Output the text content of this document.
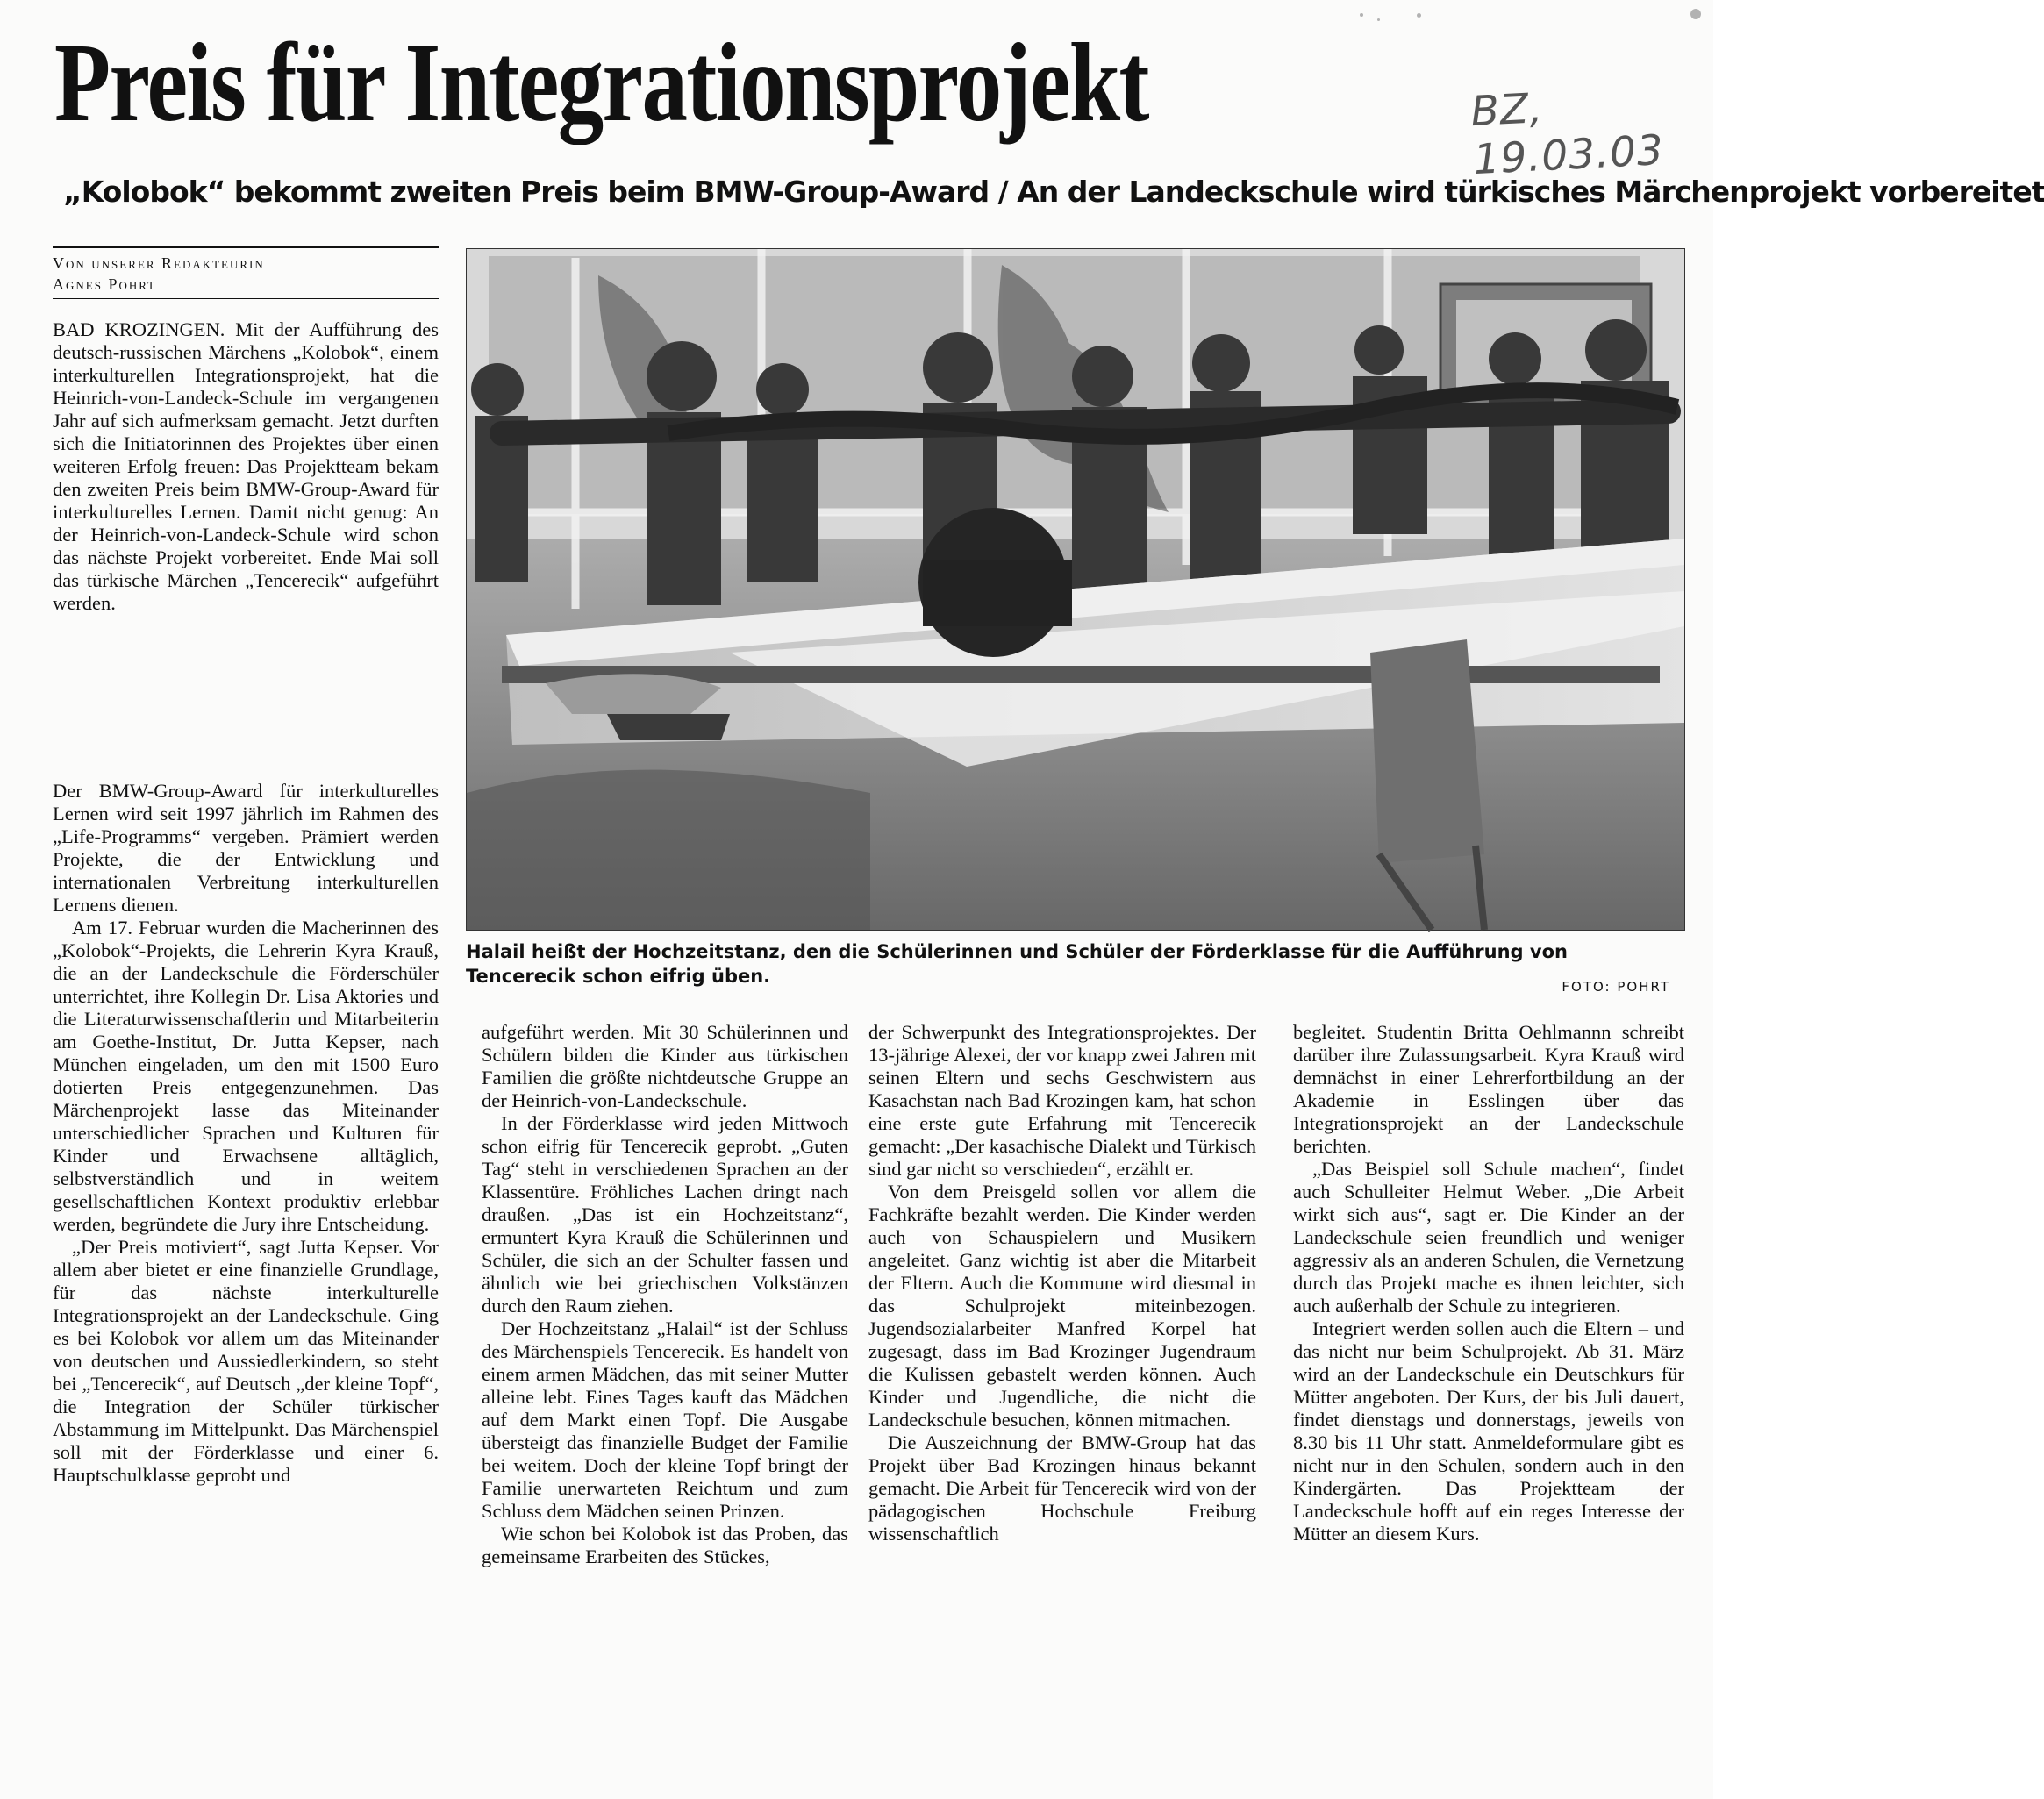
Preis für Integrationsprojekt	BZ, 19.03.03
„Kolobok“ bekommt zweiten Preis beim BMW-Group-Award / An der Landeckschule wird türkisches Märchenprojekt vorbereitet
Von unserer Redakteurin
Agnes Pohrt

BAD KROZINGEN. Mit der Aufführung des deutsch-russischen Märchens „Kolobok“, einem interkulturellen Integrationsprojekt, hat die Heinrich-von-Landeck-Schule im vergangenen Jahr auf sich aufmerksam gemacht. Jetzt durften sich die Initiatorinnen des Projektes über einen weiteren Erfolg freuen: Das Projektteam bekam den zweiten Preis beim BMW-Group-Award für interkulturelles Lernen. Damit nicht genug: An der Heinrich-von-Landeck-Schule wird schon das nächste Projekt vorbereitet. Ende Mai soll das türkische Märchen „Tencerecik“ aufgeführt werden.

Der BMW-Group-Award für interkulturelles Lernen wird seit 1997 jährlich im Rahmen des „Life-Programms“ vergeben. Prämiert werden Projekte, die der Entwicklung und internationalen Verbreitung interkulturellen Lernens dienen.

Am 17. Februar wurden die Macherinnen des „Kolobok“-Projekts, die Lehrerin Kyra Krauß, die an der Landeckschule die Förderschüler unterrichtet, ihre Kollegin Dr. Lisa Aktories und die Literaturwissenschaftlerin und Mitarbeiterin am Goethe-Institut, Dr. Jutta Kepser, nach München eingeladen, um den mit 1500 Euro dotierten Preis entgegenzunehmen. Das Märchenprojekt lasse das Miteinander unterschiedlicher Sprachen und Kulturen für Kinder und Erwachsene alltäglich, selbstverständlich und in weitem gesellschaftlichen Kontext produktiv erlebbar werden, begründete die Jury ihre Entscheidung.

„Der Preis motiviert“, sagt Jutta Kepser. Vor allem aber bietet er eine finanzielle Grundlage, für das nächste interkulturelle Integrationsprojekt an der Landeckschule. Ging es bei Kolobok vor allem um das Miteinander von deutschen und Aussiedlerkindern, so steht bei „Tencerecik“, auf Deutsch „der kleine Topf“, die Integration der Schüler türkischer Abstammung im Mittelpunkt. Das Märchenspiel soll mit der Förderklasse und einer 6. Hauptschulklasse geprobt und

Halail heißt der Hochzeitstanz, den die Schülerinnen und Schüler der Förderklasse für die Aufführung von Tencerecik schon eifrig üben.	FOTO: POHRT

aufgeführt werden. Mit 30 Schülerinnen und Schülern bilden die Kinder aus türkischen Familien die größte nichtdeutsche Gruppe an der Heinrich-von-Landeckschule.

In der Förderklasse wird jeden Mittwoch schon eifrig für Tencerecik geprobt. „Guten Tag“ steht in verschiedenen Sprachen an der Klassentüre. Fröhliches Lachen dringt nach draußen. „Das ist ein Hochzeitstanz“, ermuntert Kyra Krauß die Schülerinnen und Schüler, die sich an der Schulter fassen und ähnlich wie bei griechischen Volkstänzen durch den Raum ziehen.

Der Hochzeitstanz „Halail“ ist der Schluss des Märchenspiels Tencerecik. Es handelt von einem armen Mädchen, das mit seiner Mutter alleine lebt. Eines Tages kauft das Mädchen auf dem Markt einen Topf. Die Ausgabe übersteigt das finanzielle Budget der Familie bei weitem. Doch der kleine Topf bringt der Familie unerwarteten Reichtum und zum Schluss dem Mädchen seinen Prinzen.

Wie schon bei Kolobok ist das Proben, das gemeinsame Erarbeiten des Stückes,

der Schwerpunkt des Integrationsprojektes. Der 13-jährige Alexei, der vor knapp zwei Jahren mit seinen Eltern und sechs Geschwistern aus Kasachstan nach Bad Krozingen kam, hat schon eine erste gute Erfahrung mit Tencerecik gemacht: „Der kasachische Dialekt und Türkisch sind gar nicht so verschieden“, erzählt er.

Von dem Preisgeld sollen vor allem die Fachkräfte bezahlt werden. Die Kinder werden auch von Schauspielern und Musikern angeleitet. Ganz wichtig ist aber die Mitarbeit der Eltern. Auch die Kommune wird diesmal in das Schulprojekt miteinbezogen. Jugendsozialarbeiter Manfred Korpel hat zugesagt, dass im Bad Krozinger Jugendraum die Kulissen gebastelt werden können. Auch Kinder und Jugendliche, die nicht die Landeckschule besuchen, können mitmachen.

Die Auszeichnung der BMW-Group hat das Projekt über Bad Krozingen hinaus bekannt gemacht. Die Arbeit für Tencerecik wird von der pädagogischen Hochschule Freiburg wissenschaftlich

begleitet. Studentin Britta Oehlmannn schreibt darüber ihre Zulassungsarbeit. Kyra Krauß wird demnächst in einer Lehrerfortbildung an der Akademie in Esslingen über das Integrationsprojekt an der Landeckschule berichten.

„Das Beispiel soll Schule machen“, findet auch Schulleiter Helmut Weber. „Die Arbeit wirkt sich aus“, sagt er. Die Kinder an der Landeckschule seien freundlich und weniger aggressiv als an anderen Schulen, die Vernetzung durch das Projekt mache es ihnen leichter, sich auch außerhalb der Schule zu integrieren.

Integriert werden sollen auch die Eltern – und das nicht nur beim Schulprojekt. Ab 31. März wird an der Landeckschule ein Deutschkurs für Mütter angeboten. Der Kurs, der bis Juli dauert, findet dienstags und donnerstags, jeweils von 8.30 bis 11 Uhr statt. Anmeldeformulare gibt es nicht nur in den Schulen, sondern auch in den Kindergärten. Das Projektteam der Landeckschule hofft auf ein reges Interesse der Mütter an diesem Kurs.
